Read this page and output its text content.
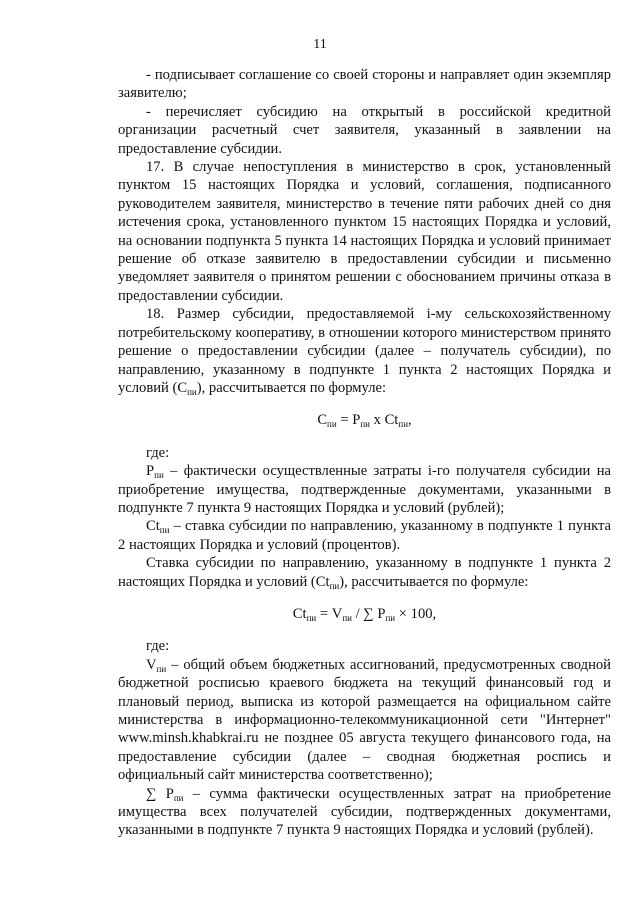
11

- подписывает соглашение со своей стороны и направляет один экземпляр заявителю;

- перечисляет субсидию на открытый в российской кредитной организации расчетный счет заявителя, указанный в заявлении на предоставление субсидии.

17. В случае непоступления в министерство в срок, установленный пунктом 15 настоящих Порядка и условий, соглашения, подписанного руководителем заявителя, министерство в течение пяти рабочих дней со дня истечения срока, установленного пунктом 15 настоящих Порядка и условий, на основании подпункта 5 пункта 14 настоящих Порядка и условий принимает решение об отказе заявителю в предоставлении субсидии и письменно уведомляет заявителя о принятом решении с обоснованием причины отказа в предоставлении субсидии.

18. Размер субсидии, предоставляемой i-му сельскохозяйственному потребительскому кооперативу, в отношении которого министерством принято решение о предоставлении субсидии (далее – получатель субсидии), по направлению, указанному в подпункте 1 пункта 2 настоящих Порядка и условий $(С_{пи})$, рассчитывается по формуле:

$С_{пи} = Р_{пи}$ х $Ct_{пи}$,

где:

$Р_{пи}$ – фактически осуществленные затраты i-го получателя субсидии на приобретение имущества, подтвержденные документами, указанными в подпункте 7 пункта 9 настоящих Порядка и условий (рублей);

$Ct_{пи}$ – ставка субсидии по направлению, указанному в подпункте 1 пункта 2 настоящих Порядка и условий (процентов).

Ставка субсидии по направлению, указанному в подпункте 1 пункта 2 настоящих Порядка и условий $(Ct_{пи})$, рассчитывается по формуле:

$Ct_{пи} = V_{пи}$ / ∑ $Р_{пи} \times 100$,

где:

$V_{пи}$ – общий объем бюджетных ассигнований, предусмотренных сводной бюджетной росписью краевого бюджета на текущий финансовый год и плановый период, выписка из которой размещается на официальном сайте министерства в информационно-телекоммуникационной сети "Интернет" www.minsh.khabkrai.ru не позднее 05 августа текущего финансового года, на предоставление субсидии (далее – сводная бюджетная роспись и официальный сайт министерства соответственно);

∑ $Р_{пи}$ – сумма фактически осуществленных затрат на приобретение имущества всех получателей субсидии, подтвержденных документами, указанными в подпункте 7 пункта 9 настоящих Порядка и условий (рублей).
